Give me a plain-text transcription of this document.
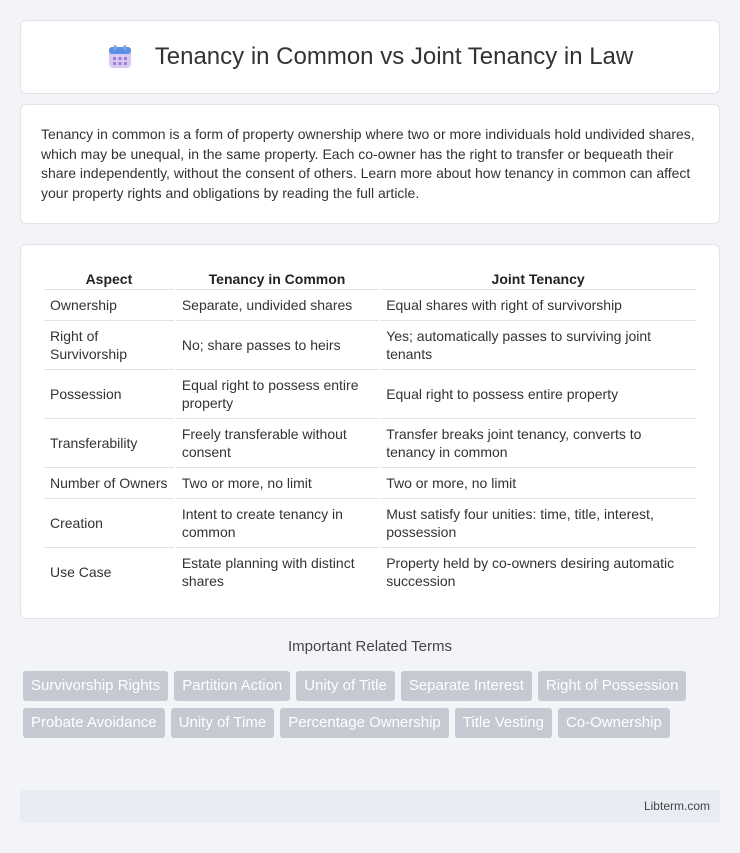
Tenancy in Common vs Joint Tenancy in Law

Tenancy in common is a form of property ownership where two or more individuals hold undivided shares, which may be unequal, in the same property. Each co-owner has the right to transfer or bequeath their share independently, without the consent of others. Learn more about how tenancy in common can affect your property rights and obligations by reading the full article.

Aspect	Tenancy in Common	Joint Tenancy
Ownership	Separate, undivided shares	Equal shares with right of survivorship
Right of Survivorship	No; share passes to heirs	Yes; automatically passes to surviving joint tenants
Possession	Equal right to possess entire property	Equal right to possess entire property
Transferability	Freely transferable without consent	Transfer breaks joint tenancy, converts to tenancy in common
Number of Owners	Two or more, no limit	Two or more, no limit
Creation	Intent to create tenancy in common	Must satisfy four unities: time, title, interest, possession
Use Case	Estate planning with distinct shares	Property held by co-owners desiring automatic succession
Important Related Terms
Survivorship Rights	Partition Action	Unity of Title	Separate Interest	Right of Possession
Probate Avoidance	Unity of Time	Percentage Ownership	Title Vesting	Co-Ownership
Libterm.com
